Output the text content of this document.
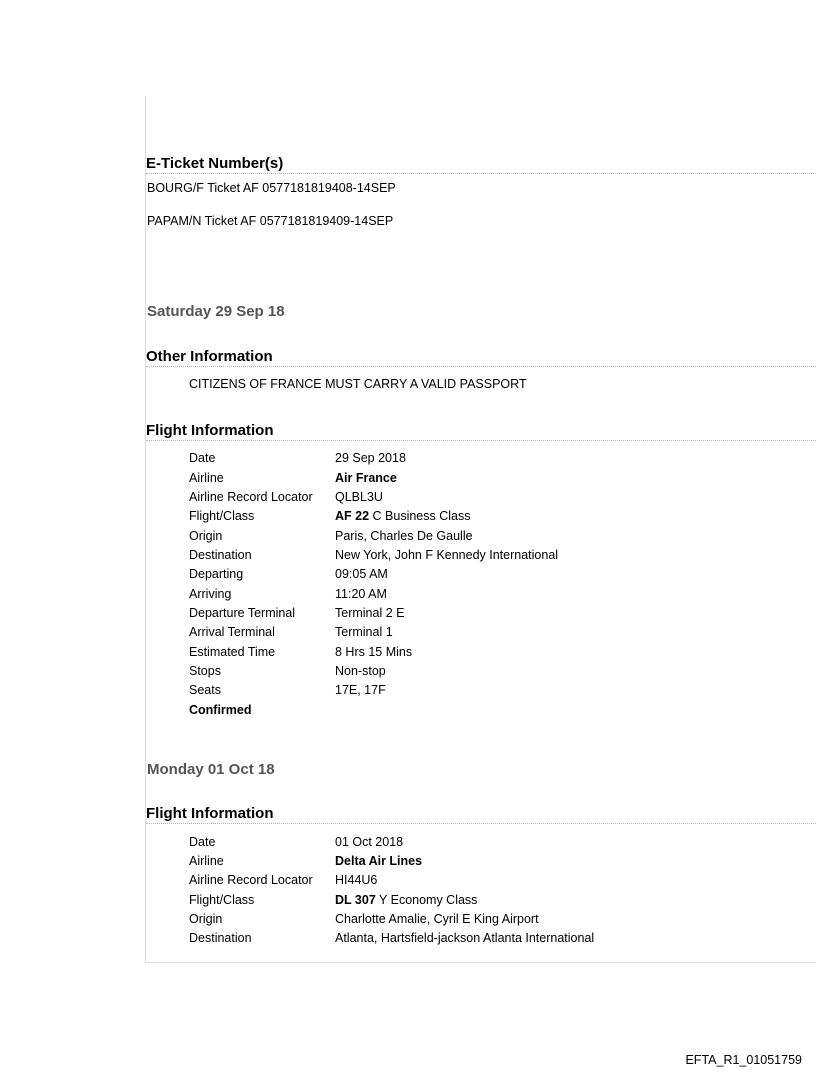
E-Ticket Number(s)
BOURG/F Ticket AF 0577181819408-14SEP
PAPAM/N Ticket AF 0577181819409-14SEP
Saturday 29 Sep 18
Other Information
CITIZENS OF FRANCE MUST CARRY A VALID PASSPORT
Flight Information
Date
Airline
Airline Record Locator
Flight/Class
Origin
Destination
Departing
Arriving
Departure Terminal
Arrival Terminal
Estimated Time
Stops
Seats
Confirmed
29 Sep 2018
Air France
QLBL3U
AF 22 C Business Class
Paris, Charles De Gaulle
New York, John F Kennedy International
09:05 AM
11:20 AM
Terminal 2 E
Terminal 1
8 Hrs 15 Mins
Non-stop
17E, 17F
Monday 01 Oct 18
Flight Information
Date
Airline
Airline Record Locator
Flight/Class
Origin
Destination
01 Oct 2018
Delta Air Lines
HI44U6
DL 307 Y Economy Class
Charlotte Amalie, Cyril E King Airport
Atlanta, Hartsfield-jackson Atlanta International
EFTA_R1_01051759
